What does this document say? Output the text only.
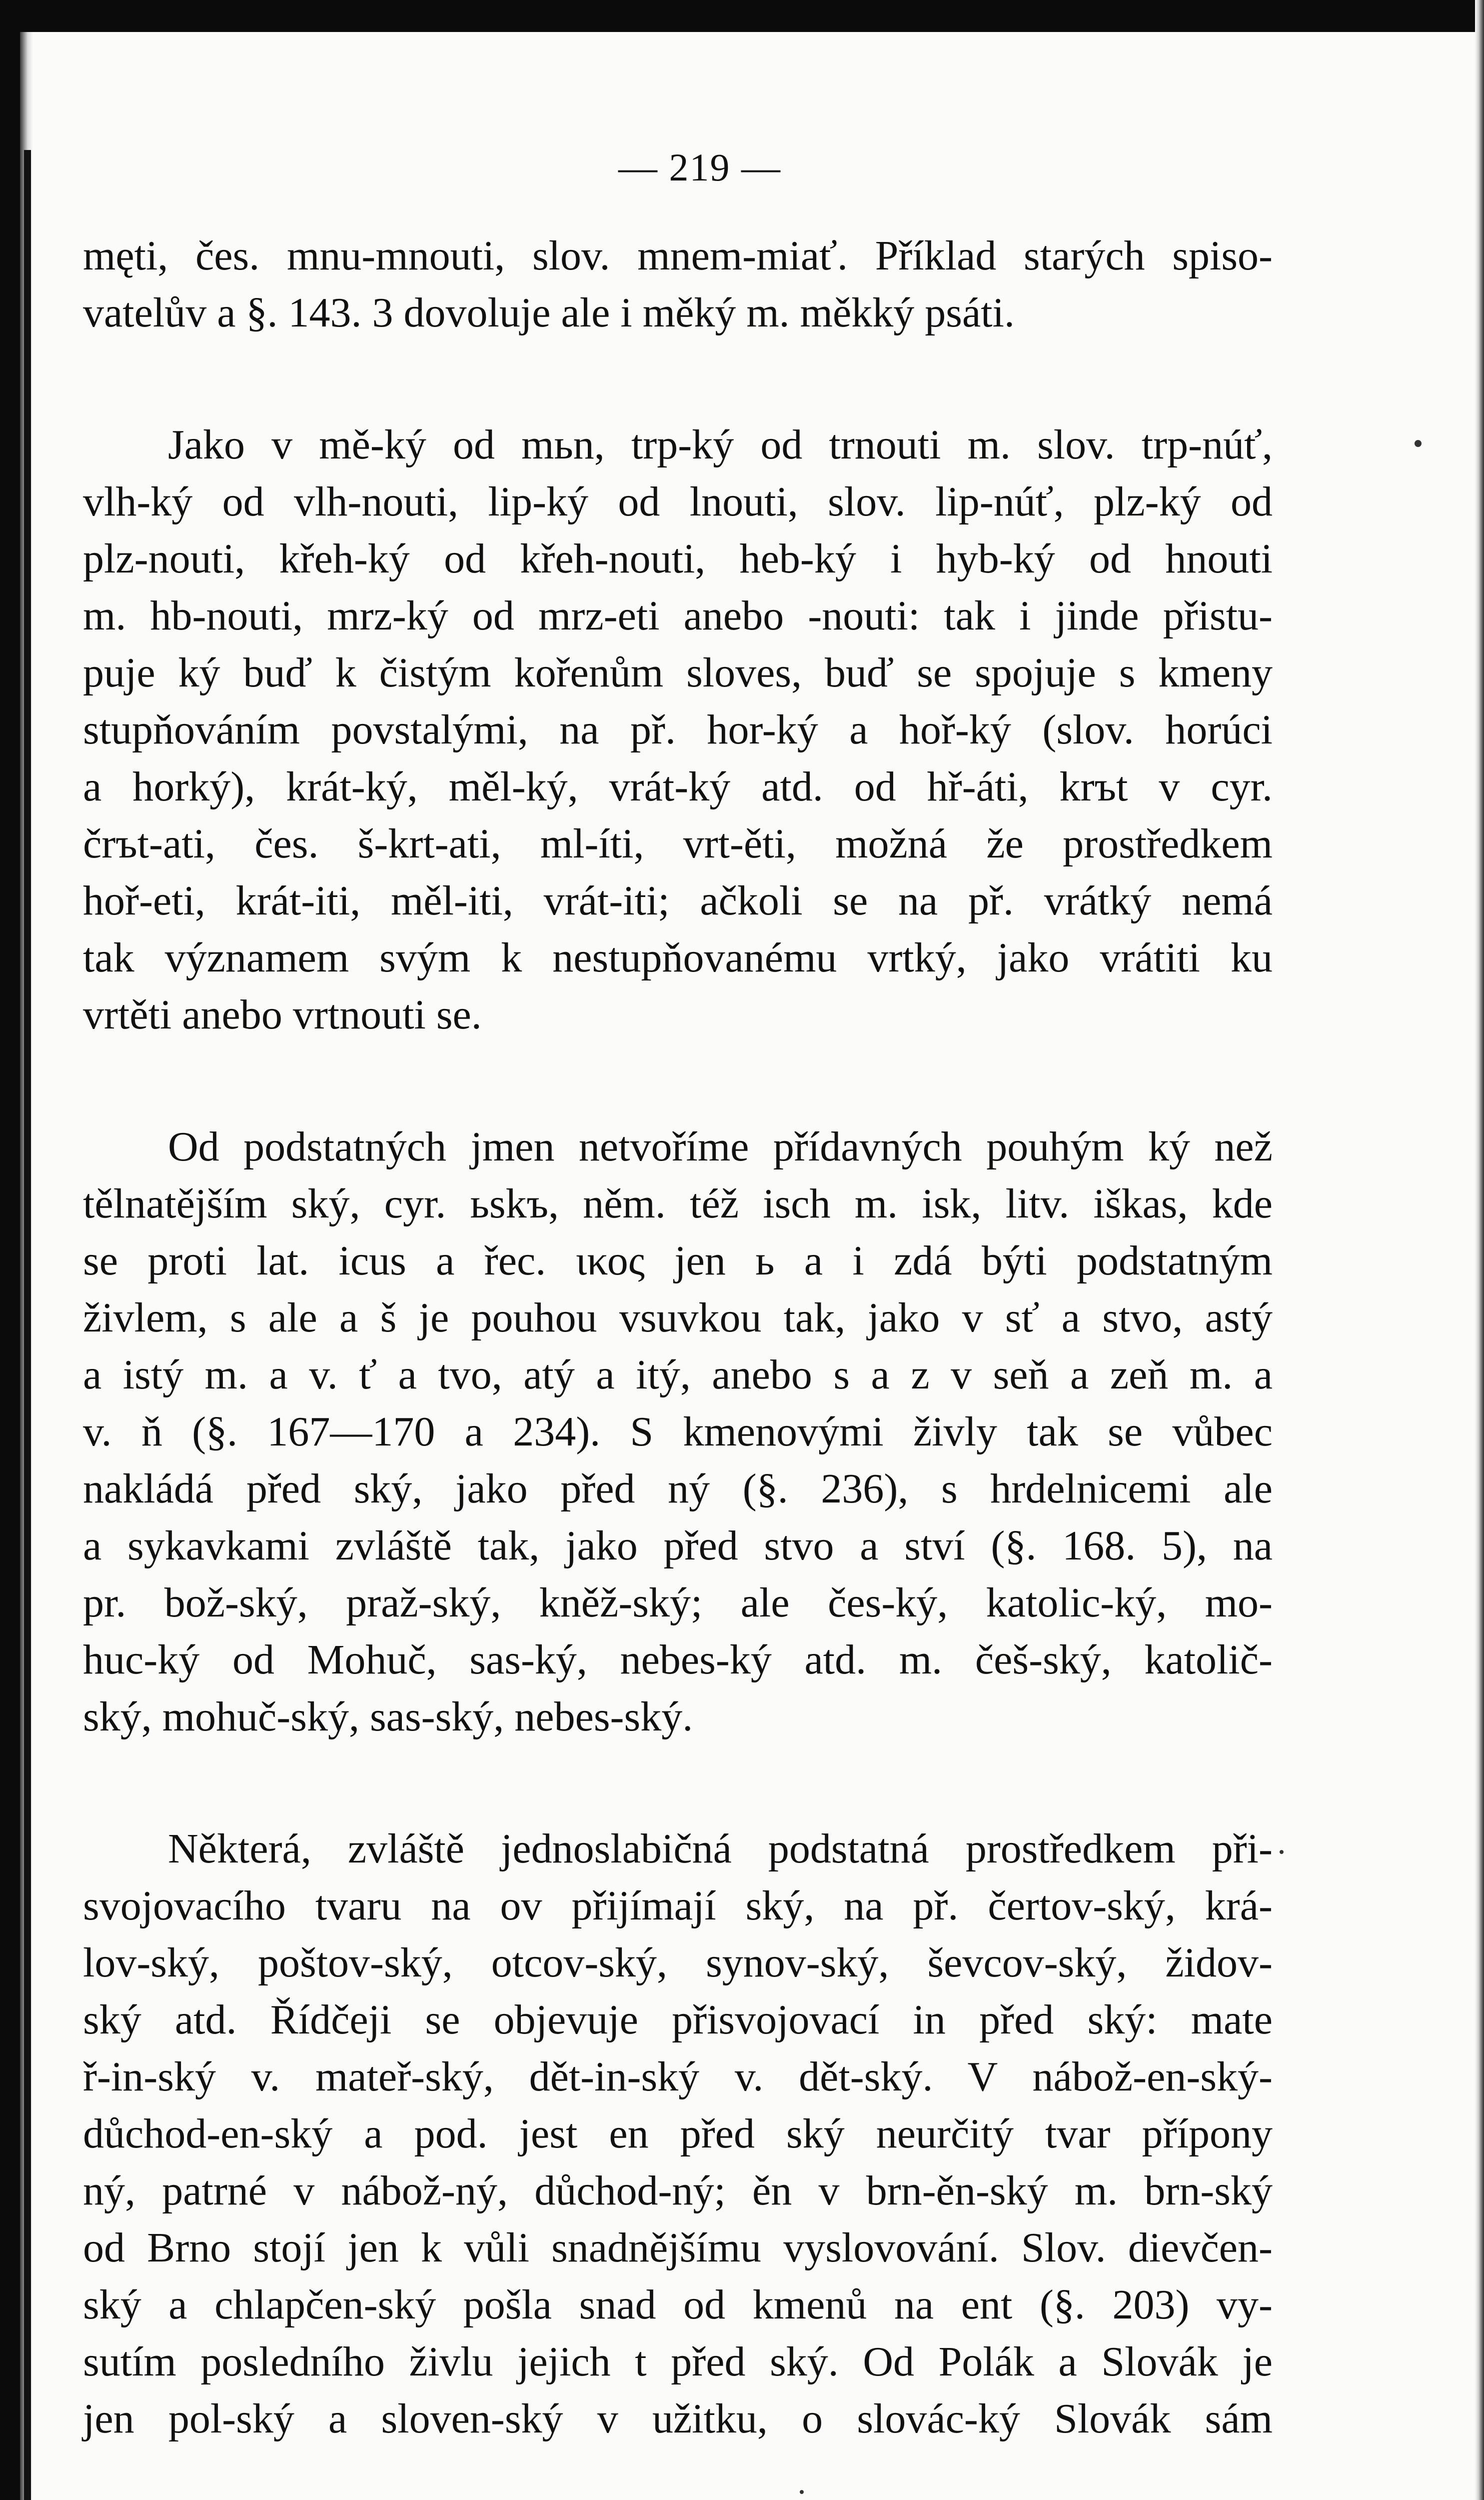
— 219 —
męti, čes. mnu-mnouti, slov. mnem-miať. Příklad starých spiso-
vatelův a §. 143. 3 dovoluje ale i měký m. měkký psáti.
Jako v mě-ký od mьn, trp-ký od trnouti m. slov. trp-núť,
vlh-ký od vlh-nouti, lip-ký od lnouti, slov. lip-núť, plz-ký od
plz-nouti, křeh-ký od křeh-nouti, heb-ký i hyb-ký od hnouti
m. hb-nouti, mrz-ký od mrz-eti anebo -nouti: tak i jinde přistu-
puje ký buď k čistým kořenům sloves, buď se spojuje s kmeny
stupňováním povstalými, na př. hor-ký a hoř-ký (slov. horúci
a horký), krát-ký, měl-ký, vrát-ký atd. od hř-áti, krъt v cyr.
črъt-ati, čes. š-krt-ati, ml-íti, vrt-ěti, možná že prostředkem
hoř-eti, krát-iti, měl-iti, vrát-iti; ačkoli se na př. vrátký nemá
tak významem svým k nestupňovanému vrtký, jako vrátiti ku
vrtěti anebo vrtnouti se.
Od podstatných jmen netvoříme přídavných pouhým ký než
tělnatějším ský, cyr. ьskъ, něm. též isch m. isk, litv. iškas, kde
se proti lat. icus a řec. ικος jen ь a i zdá býti podstatným
živlem, s ale a š je pouhou vsuvkou tak, jako v sť a stvo, astý
a istý m. a v. ť a tvo, atý a itý, anebo s a z v seň a zeň m. a
v. ň (§. 167—170 a 234). S kmenovými živly tak se vůbec
nakládá před ský, jako před ný (§. 236), s hrdelnicemi ale
a sykavkami zvláště tak, jako před stvo a ství (§. 168. 5), na
pr. bož-ský, praž-ský, kněž-ský; ale čes-ký, katolic-ký, mo-
huc-ký od Mohuč, sas-ký, nebes-ký atd. m. češ-ský, katolič-
ský, mohuč-ský, sas-ský, nebes-ský.
Některá, zvláště jednoslabičná podstatná prostředkem při-
svojovacího tvaru na ov přijímají ský, na př. čertov-ský, krá-
lov-ský, poštov-ský, otcov-ský, synov-ský, ševcov-ský, židov-
ský atd. Řídčeji se objevuje přisvojovací in před ský: mate
ř-in-ský v. mateř-ský, dět-in-ský v. dět-ský. V nábož-en-ský-
důchod-en-ský a pod. jest en před ský neurčitý tvar přípony
ný, patrné v nábož-ný, důchod-ný; ěn v brn-ěn-ský m. brn-ský
od Brno stojí jen k vůli snadnějšímu vyslovování. Slov. dievčen-
ský a chlapčen-ský pošla snad od kmenů na ent (§. 203) vy-
sutím posledního živlu jejich t před ský. Od Polák a Slovák je
jen pol-ský a sloven-ský v užitku, o slovác-ký Slovák sám
